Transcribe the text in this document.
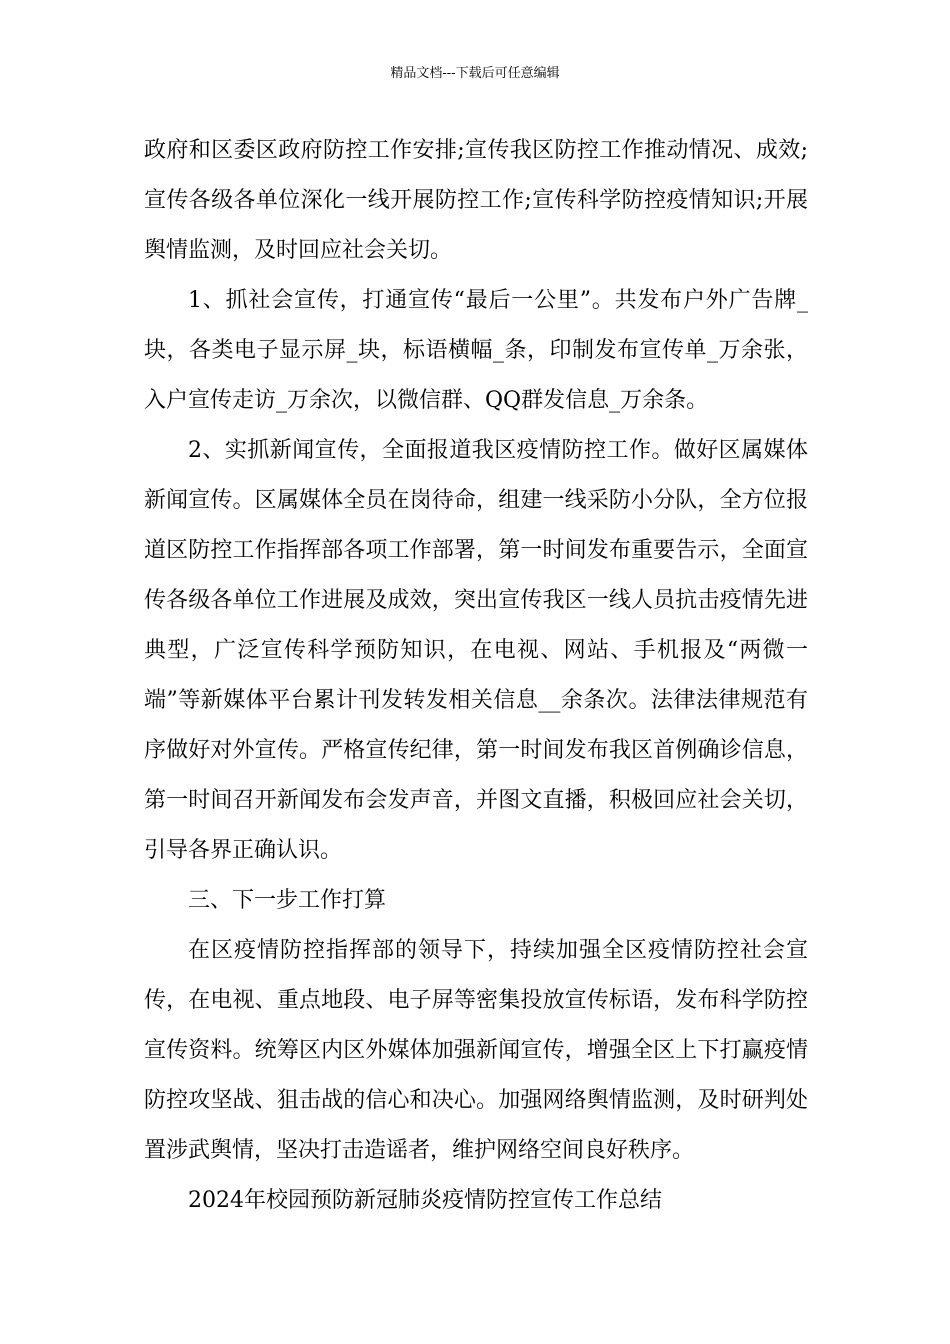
精品文档---下载后可任意编辑

政府和区委区政府防控工作安排;宣传我区防控工作推动情况、成效;宣传各级各单位深化一线开展防控工作;宣传科学防控疫情知识;开展舆情监测，及时回应社会关切。

1、抓社会宣传，打通宣传“最后一公里”。共发布户外广告牌_块，各类电子显示屏_块，标语横幅_条，印制发布宣传单_万余张，入户宣传走访_万余次，以微信群、QQ群发信息_万余条。

2、实抓新闻宣传，全面报道我区疫情防控工作。做好区属媒体新闻宣传。区属媒体全员在岗待命，组建一线采防小分队，全方位报道区防控工作指挥部各项工作部署，第一时间发布重要告示，全面宣传各级各单位工作进展及成效，突出宣传我区一线人员抗击疫情先进典型，广泛宣传科学预防知识，在电视、网站、手机报及“两微一端”等新媒体平台累计刊发转发相关信息__余条次。法律法律规范有序做好对外宣传。严格宣传纪律，第一时间发布我区首例确诊信息，第一时间召开新闻发布会发声音，并图文直播，积极回应社会关切，引导各界正确认识。

三、下一步工作打算

在区疫情防控指挥部的领导下，持续加强全区疫情防控社会宣传，在电视、重点地段、电子屏等密集投放宣传标语，发布科学防控宣传资料。统筹区内区外媒体加强新闻宣传，增强全区上下打赢疫情防控攻坚战、狙击战的信心和决心。加强网络舆情监测，及时研判处置涉武舆情，坚决打击造谣者，维护网络空间良好秩序。

2024年校园预防新冠肺炎疫情防控宣传工作总结
